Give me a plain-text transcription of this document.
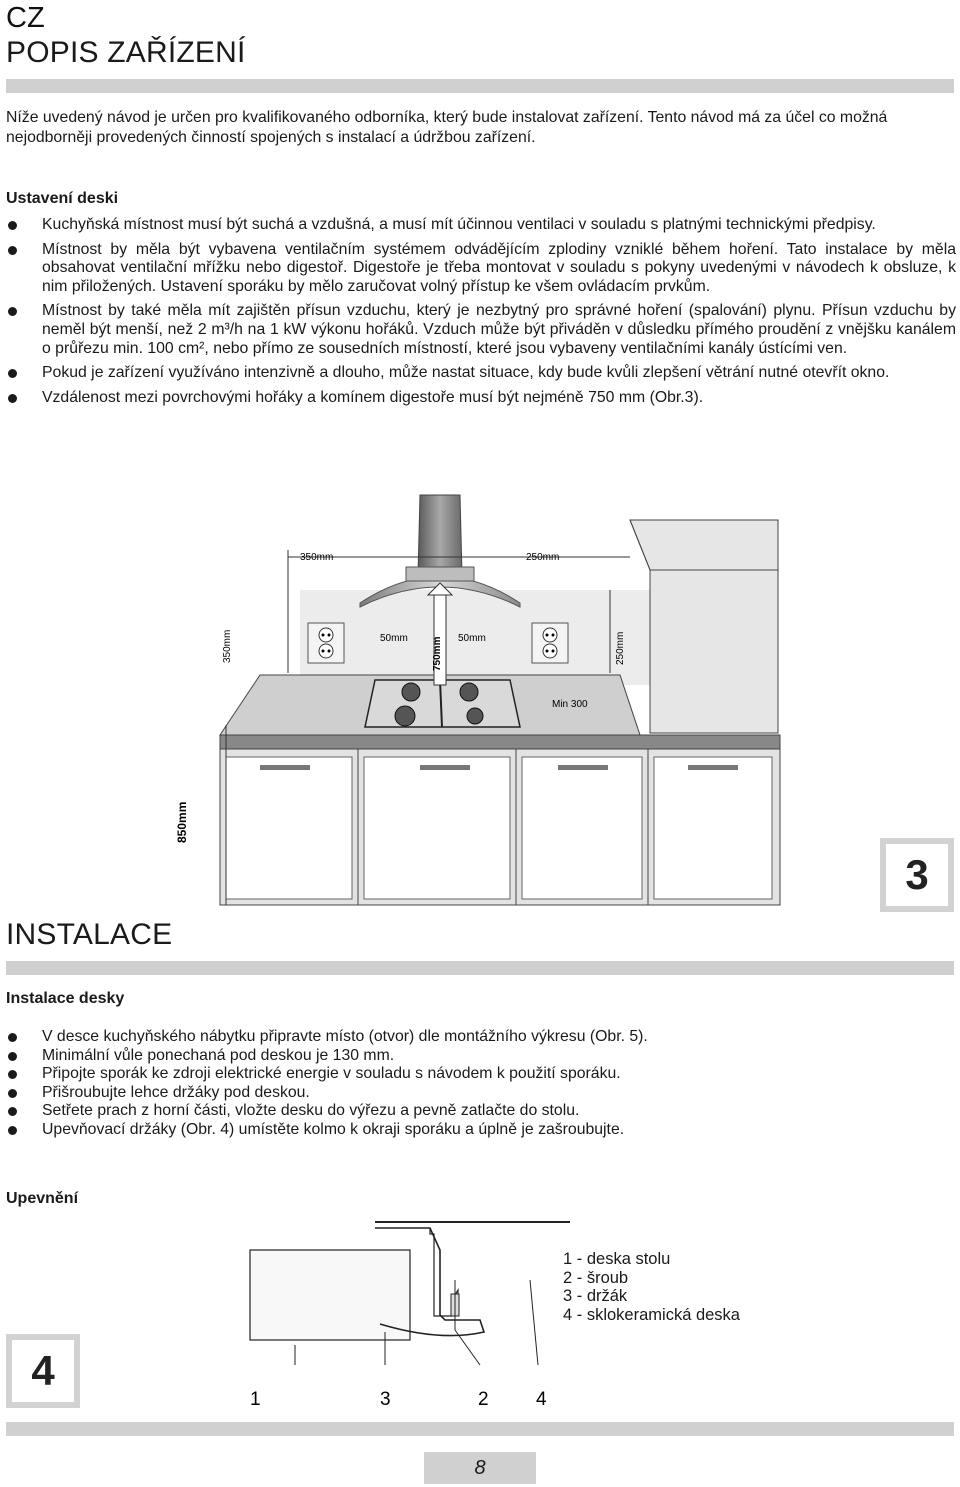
CZ
POPIS ZAŘÍZENÍ
Níže uvedený návod je určen pro kvalifikovaného odborníka, který bude instalovat zařízení. Tento návod má za účel co možná nejodborněji provedených činností spojených s instalací a údržbou zařízení.
Ustavení deski
Kuchyňská místnost musí být suchá a vzdušná, a musí mít účinnou ventilaci v souladu s platnými technickými předpisy.
Místnost by měla být vybavena ventilačním systémem odvádějícím zplodiny vzniklé během hoření. Tato instalace by měla obsahovat ventilační mřížku nebo digestoř. Digestoře je třeba montovat v souladu s pokyny uvedenými v návodech k obsluze, k nim přiložených. Ustavení sporáku by mělo zaručovat volný přístup ke všem ovládacím prvkům.
Místnost by také měla mít zajištěn přísun vzduchu, který je nezbytný pro správné hoření (spalování) plynu. Přísun vzduchu by neměl být menší, než 2 m³/h na 1 kW výkonu hořáků. Vzduch může být přiváděn v důsledku přímého proudění z vnějšku kanálem o průřezu min. 100 cm², nebo přímo ze sousedních místností, které jsou vybaveny ventilačními kanály ústícími ven.
Pokud je zařízení využíváno intenzivně a dlouho, může nastat situace, kdy bude kvůli zlepšení větrání nutné otevřít okno.
Vzdálenost mezi povrchovými hořáky a komínem digestoře musí být nejméně 750 mm (Obr.3).
350mm	250mm
350mm	50mm 750mm 50mm	250mm
Min 300
850mm
3
INSTALACE
Instalace desky
V desce kuchyňského nábytku připravte místo (otvor) dle montážního výkresu (Obr. 5).
Minimální vůle ponechaná pod deskou je 130 mm.
Připojte sporák ke zdroji elektrické energie v souladu s návodem k použití sporáku.
Přišroubujte lehce držáky pod deskou.
Setřete prach z horní části, vložte desku do výřezu a pevně zatlačte do stolu.
Upevňovací držáky (Obr. 4) umístěte kolmo k okraji sporáku a úplně je zašroubujte.
Upevnění
1	3	2 4
1 - deska stolu
2 - šroub
3 - držák
4 - sklokeramická deska
4
8
